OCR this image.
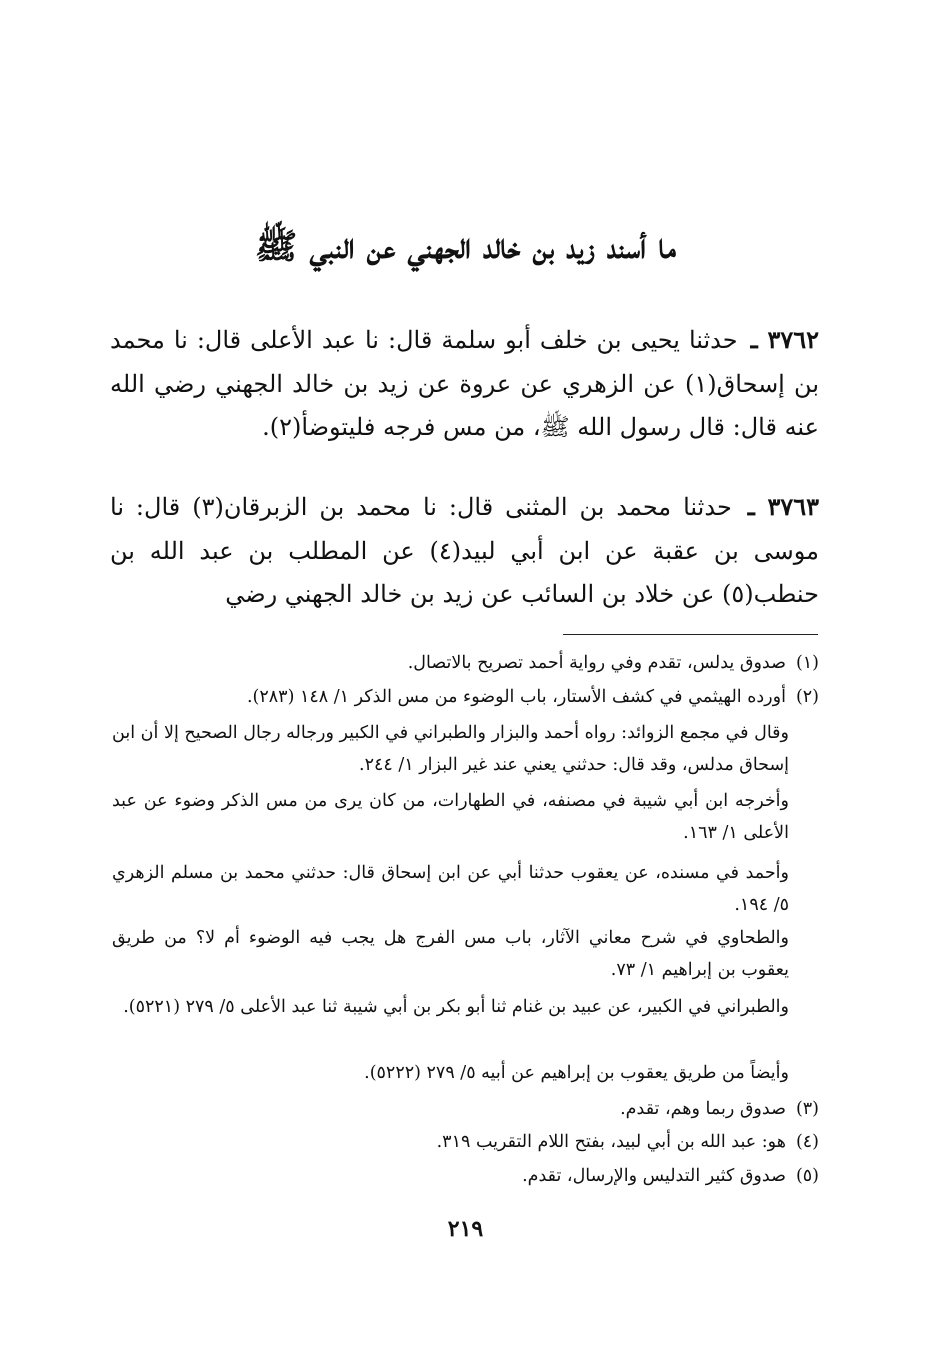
ما أسند زيد بن خالد الجهني عن النبي ﷺ
٣٧٦٢ ـ حدثنا يحيى بن خلف أبو سلمة قال: نا عبد الأعلى قال: نا محمد بن إسحاق(١) عن الزهري عن عروة عن زيد بن خالد الجهني رضي الله عنه قال: قال رسول الله ﷺ، من مس فرجه فليتوضأ(٢).
٣٧٦٣ ـ حدثنا محمد بن المثنى قال: نا محمد بن الزبرقان(٣) قال: نا موسى بن عقبة عن ابن أبي لبيد(٤) عن المطلب بن عبد الله بن حنطب(٥) عن خلاد بن السائب عن زيد بن خالد الجهني رضي
(١)صدوق يدلس، تقدم وفي رواية أحمد تصريح بالاتصال.
(٢)أورده الهيثمي في كشف الأستار، باب الوضوء من مس الذكر ١/ ١٤٨ (٢٨٣).
وقال في مجمع الزوائد: رواه أحمد والبزار والطبراني في الكبير ورجاله رجال الصحيح إلا أن ابن إسحاق مدلس، وقد قال: حدثني يعني عند غير البزار ١/ ٢٤٤.
وأخرجه ابن أبي شيبة في مصنفه، في الطهارات، من كان يرى من مس الذكر وضوء عن عبد الأعلى ١/ ١٦٣.
وأحمد في مسنده، عن يعقوب حدثنا أبي عن ابن إسحاق قال: حدثني محمد بن مسلم الزهري ٥/ ١٩٤.
والطحاوي في شرح معاني الآثار، باب مس الفرج هل يجب فيه الوضوء أم لا؟ من طريق يعقوب بن إبراهيم ١/ ٧٣.
والطبراني في الكبير، عن عبيد بن غنام ثنا أبو بكر بن أبي شيبة ثنا عبد الأعلى ٥/ ٢٧٩ (٥٢٢١).
وأيضاً من طريق يعقوب بن إبراهيم عن أبيه ٥/ ٢٧٩ (٥٢٢٢).
(٣)صدوق ربما وهم، تقدم.
(٤)هو: عبد الله بن أبي لبيد، بفتح اللام التقريب ٣١٩.
(٥)صدوق كثير التدليس والإرسال، تقدم.
٢١٩
